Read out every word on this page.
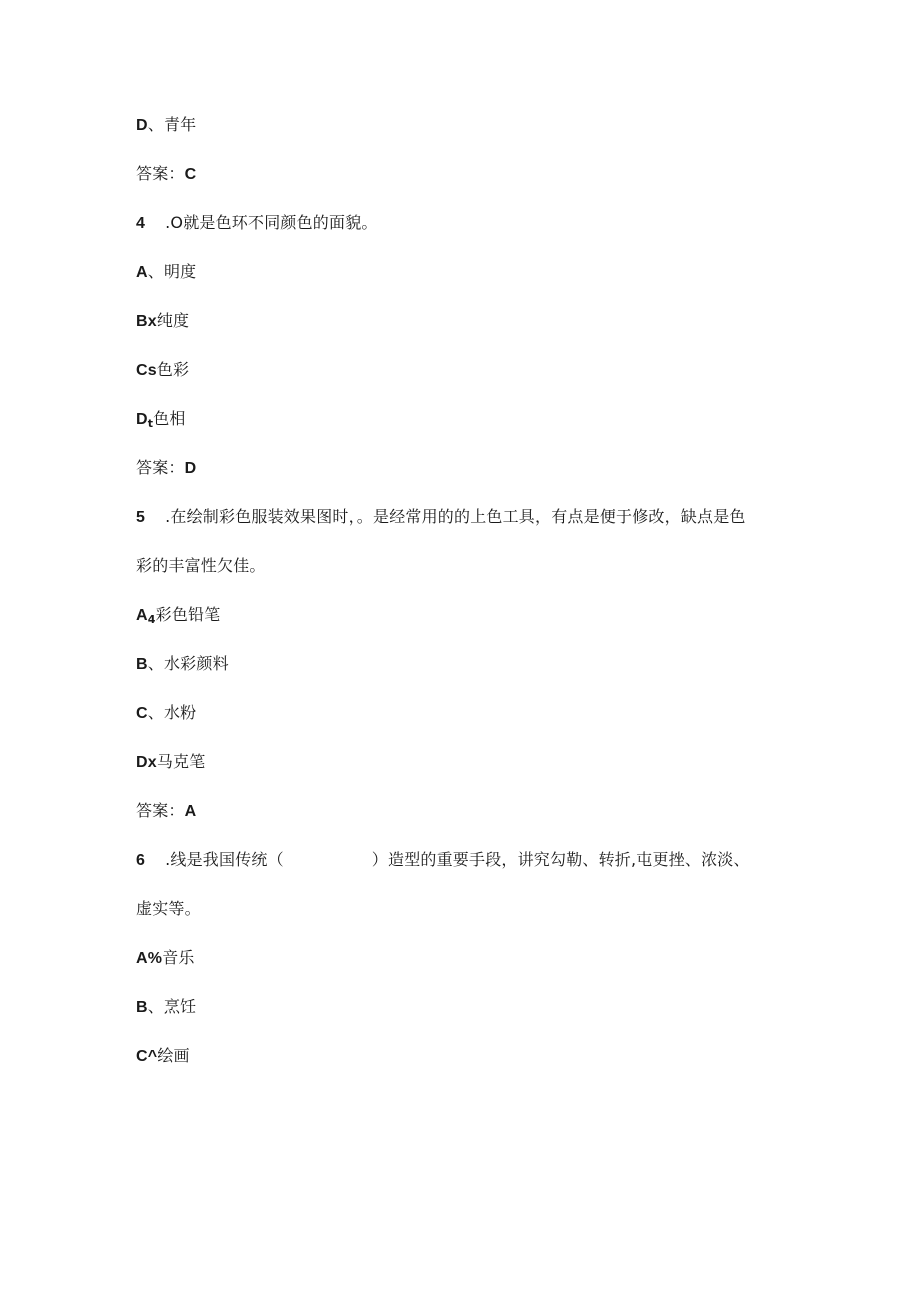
D、青年
答案：C
4 .O就是色环不同颜色的面貌。
A、明度
Bx纯度
Cs色彩
$D_t$色相
答案：D
5 .在绘制彩色服装效果图时，。是经常用的的上色工具，有点是便于修改，缺点是色
彩的丰富性欠佳。
$A_4$彩色铅笔
B、水彩颜料
C、水粉
Dx马克笔
答案：A
6 .线是我国传统（	）造型的重要手段，讲究勾勒、转折,屯更挫、浓淡、
虚实等。
A%音乐
B、烹饪
C^绘画
